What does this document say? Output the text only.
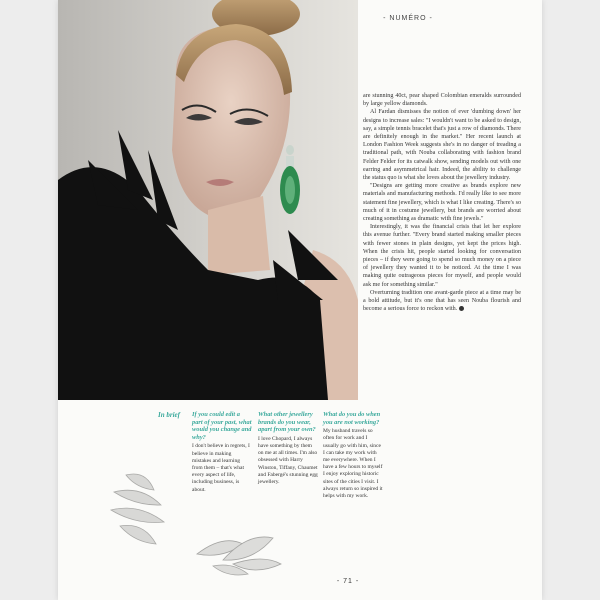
- NUMÉRO -

are stunning 40ct, pear shaped Colombian emeralds surrounded by large yellow diamonds.

Al Fardan dismisses the notion of ever 'dumbing down' her designs to increase sales: "I wouldn't want to be asked to design, say, a simple tennis bracelet that's just a row of diamonds. There are definitely enough in the market." Her recent launch at London Fashion Week suggests she's in no danger of treading a traditional path, with Nouba collaborating with fashion brand Felder Felder for its catwalk show, sending models out with one earring and asymmetrical hair. Indeed, the ability to challenge the status quo is what she loves about the jewellery industry.

"Designs are getting more creative as brands explore new materials and manufacturing methods. I'd really like to see more statement fine jewellery, which is what I like creating. There's so much of it in costume jewellery, but brands are worried about creating something as dramatic with fine jewels."

Interestingly, it was the financial crisis that let her explore this avenue further. "Every brand started making smaller pieces with fewer stones in plain designs, yet kept the prices high. When the crisis hit, people started looking for conversation pieces – if they were going to spend so much money on a piece of jewellery they wanted it to be noticed. At the time I was making quite outrageous pieces for myself, and people would ask me for something similar."

Overturning tradition one avant-garde piece at a time may be a bold attitude, but it's one that has seen Nouba flourish and become a serious force to reckon with.

In brief If you could edit a part of your past, what would you change and why?
I don't believe in regrets, I believe in making mistakes and learning from them – that's what every aspect of life, including business, is about.
What other jewellery brands do you wear, apart from your own?
I love Chopard, I always have something by them on me at all times. I'm also obsessed with Harry Winston, Tiffany, Chaumet and Fabergé's stunning egg jewellery.
What do you do when you are not working?
My husband travels so often for work and I usually go with him, since I can take my work with me everywhere. When I have a few hours to myself I enjoy exploring historic sites of the cities I visit. I always return so inspired it helps with my work.
- 71 -
